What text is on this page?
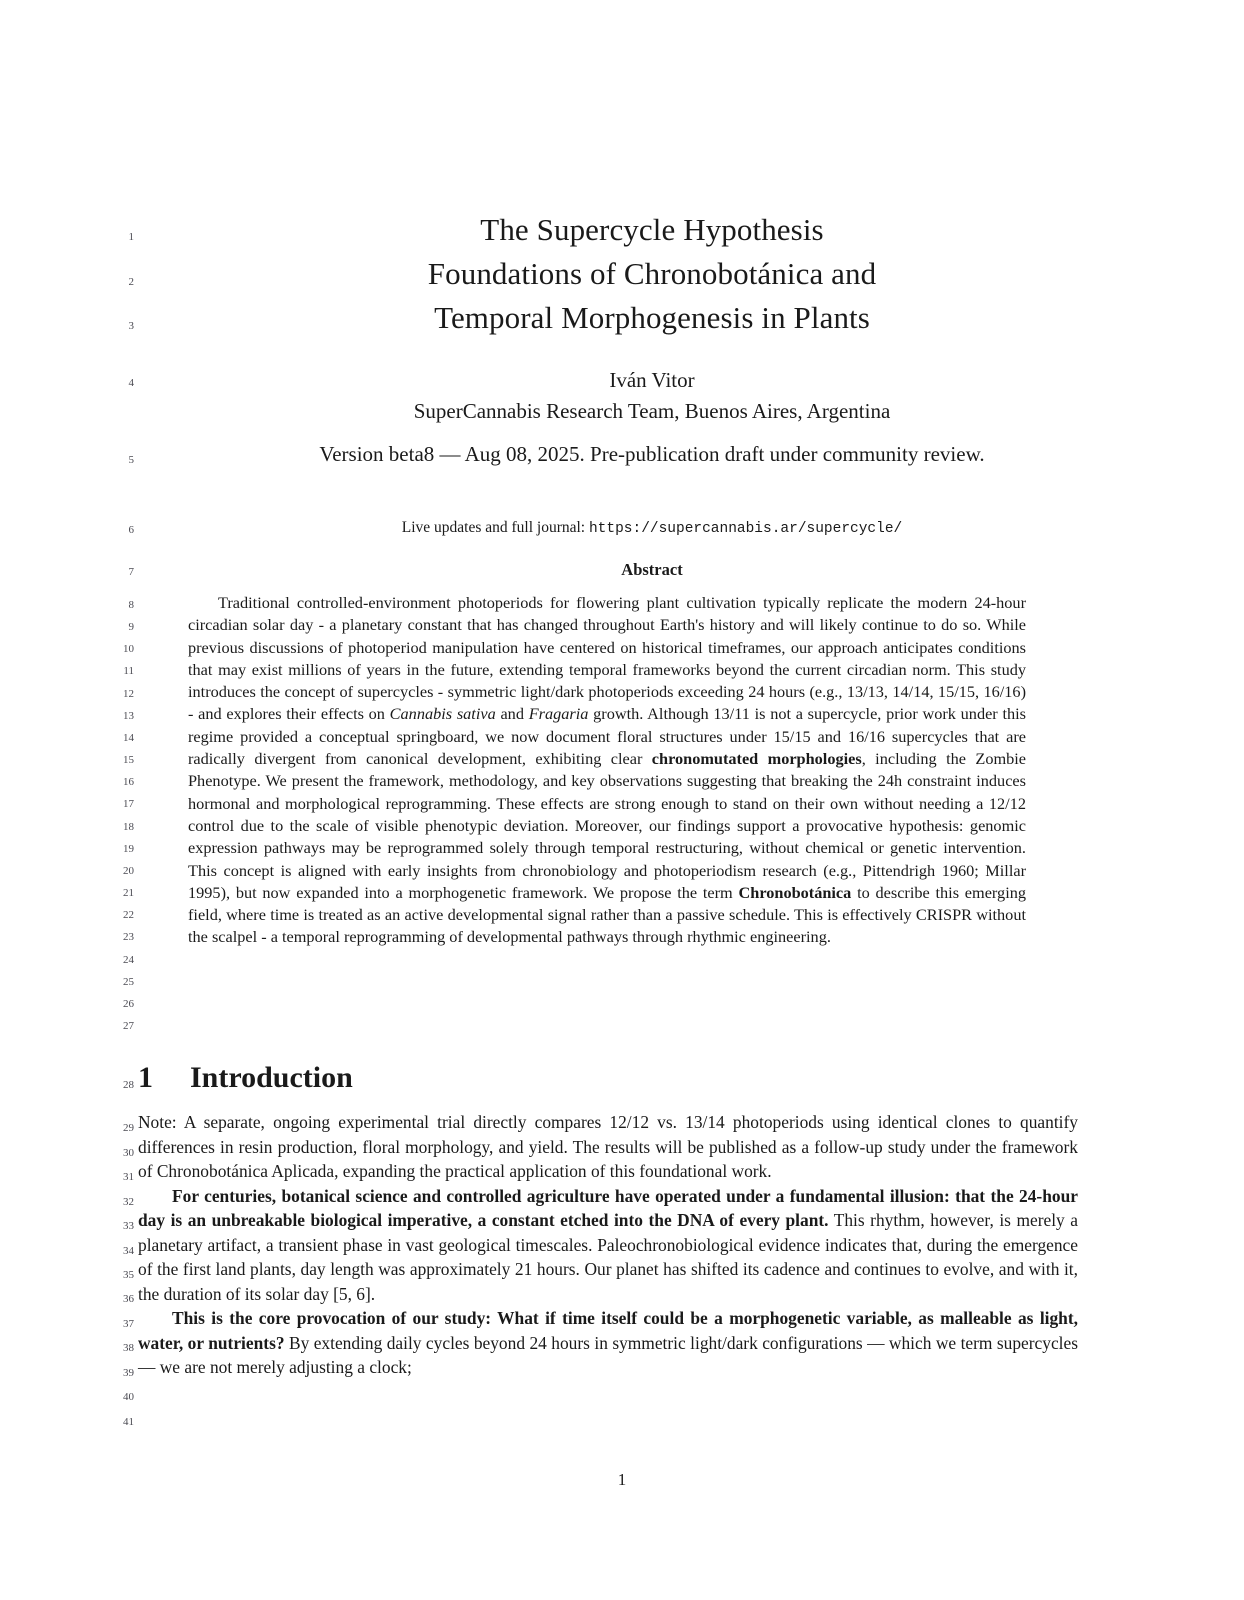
1
2
3
4
5
6
7
8
9
10
11
12
13
14
15
16
17
18
19
20
21
22
23
24
25
26
27
28
29
30
31
32
33
34
35
36
37
38
39
40
41
The Supercycle Hypothesis
Foundations of Chronobotánica and
Temporal Morphogenesis in Plants
Iván Vitor
SuperCannabis Research Team, Buenos Aires, Argentina
Version beta8 — Aug 08, 2025. Pre-publication draft under community review.
Live updates and full journal: https://supercannabis.ar/supercycle/
Abstract

Traditional controlled-environment photoperiods for flowering plant cultivation typically replicate the modern 24-hour circadian solar day - a planetary constant that has changed throughout Earth's history and will likely continue to do so. While previous discussions of photoperiod manipulation have centered on historical timeframes, our approach anticipates conditions that may exist millions of years in the future, extending temporal frameworks beyond the current circadian norm. This study introduces the concept of supercycles - symmetric light/dark photoperiods exceeding 24 hours (e.g., 13/13, 14/14, 15/15, 16/16) - and explores their effects on Cannabis sativa and Fragaria growth. Although 13/11 is not a supercycle, prior work under this regime provided a conceptual springboard, we now document floral structures under 15/15 and 16/16 supercycles that are radically divergent from canonical development, exhibiting clear chronomutated morphologies, including the Zombie Phenotype. We present the framework, methodology, and key observations suggesting that breaking the 24h constraint induces hormonal and morphological reprogramming. These effects are strong enough to stand on their own without needing a 12/12 control due to the scale of visible phenotypic deviation. Moreover, our findings support a provocative hypothesis: genomic expression pathways may be reprogrammed solely through temporal restructuring, without chemical or genetic intervention. This concept is aligned with early insights from chronobiology and photoperiodism research (e.g., Pittendrigh 1960; Millar 1995), but now expanded into a morphogenetic framework. We propose the term Chronobotánica to describe this emerging field, where time is treated as an active developmental signal rather than a passive schedule. This is effectively CRISPR without the scalpel - a temporal reprogramming of developmental pathways through rhythmic engineering.

1 Introduction

Note: A separate, ongoing experimental trial directly compares 12/12 vs. 13/14 photoperiods using identical clones to quantify differences in resin production, floral morphology, and yield. The results will be published as a follow-up study under the framework of Chronobotánica Aplicada, expanding the practical application of this foundational work.

For centuries, botanical science and controlled agriculture have operated under a fundamental illusion: that the 24-hour day is an unbreakable biological imperative, a constant etched into the DNA of every plant. This rhythm, however, is merely a planetary artifact, a transient phase in vast geological timescales. Paleochronobiological evidence indicates that, during the emergence of the first land plants, day length was approximately 21 hours. Our planet has shifted its cadence and continues to evolve, and with it, the duration of its solar day [5, 6].

This is the core provocation of our study: What if time itself could be a morphogenetic variable, as malleable as light, water, or nutrients? By extending daily cycles beyond 24 hours in symmetric light/dark configurations — which we term supercycles — we are not merely adjusting a clock;

1
